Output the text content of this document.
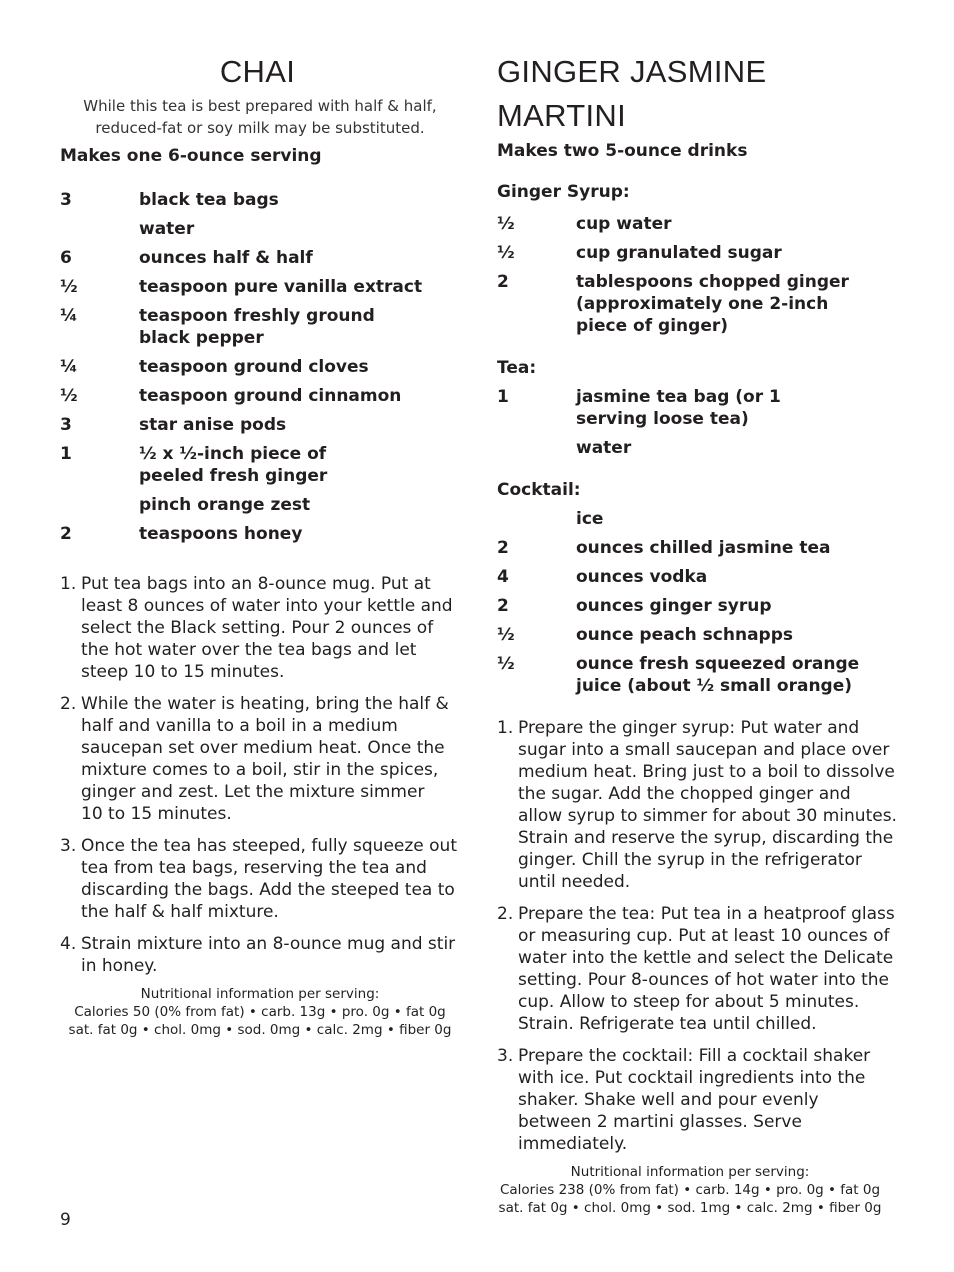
CHAI
While this tea is best prepared with half & half,
reduced-fat or soy milk may be substituted.

Makes one 6-ounce serving

3	black tea bags
water
6	ounces half & half
½	teaspoon pure vanilla extract
¼	teaspoon freshly ground black pepper
¼	teaspoon ground cloves
½	teaspoon ground cinnamon
3	star anise pods
1	½ x ½-inch piece of peeled fresh ginger
pinch orange zest
2	teaspoons honey
1. Put tea bags into an 8-ounce mug. Put at least 8 ounces of water into your kettle and select the Black setting. Pour 2 ounces of the hot water over the tea bags and let steep 10 to 15 minutes.
2. While the water is heating, bring the half & half and vanilla to a boil in a medium saucepan set over medium heat. Once the mixture comes to a boil, stir in the spices, ginger and zest. Let the mixture simmer 10 to 15 minutes.
3. Once the tea has steeped, fully squeeze out tea from tea bags, reserving the tea and discarding the bags. Add the steeped tea to the half & half mixture.
4. Strain mixture into an 8-ounce mug and stir in honey.
Nutritional information per serving:
Calories 50 (0% from fat) • carb. 13g • pro. 0g • fat 0g
sat. fat 0g • chol. 0mg • sod. 0mg • calc. 2mg • fiber 0g
GINGER JASMINE MARTINI

Makes two 5-ounce drinks

Ginger Syrup:

½	cup water
½	cup granulated sugar
2	tablespoons chopped ginger (approximately one 2-inch piece of ginger)

Tea:

1	jasmine tea bag (or 1 serving loose tea)
water

Cocktail:

ice
2	ounces chilled jasmine tea
4	ounces vodka
2	ounces ginger syrup
½	ounce peach schnapps
½	ounce fresh squeezed orange juice (about ½ small orange)
1. Prepare the ginger syrup: Put water and sugar into a small saucepan and place over medium heat. Bring just to a boil to dissolve the sugar. Add the chopped ginger and allow syrup to simmer for about 30 minutes. Strain and reserve the syrup, discarding the ginger. Chill the syrup in the refrigerator until needed.
2. Prepare the tea: Put tea in a heatproof glass or measuring cup. Put at least 10 ounces of water into the kettle and select the Delicate setting. Pour 8-ounces of hot water into the cup. Allow to steep for about 5 minutes. Strain. Refrigerate tea until chilled.
3. Prepare the cocktail: Fill a cocktail shaker with ice. Put cocktail ingredients into the shaker. Shake well and pour evenly between 2 martini glasses. Serve immediately.
Nutritional information per serving:
Calories 238 (0% from fat) • carb. 14g • pro. 0g • fat 0g
sat. fat 0g • chol. 0mg • sod. 1mg • calc. 2mg • fiber 0g
9
